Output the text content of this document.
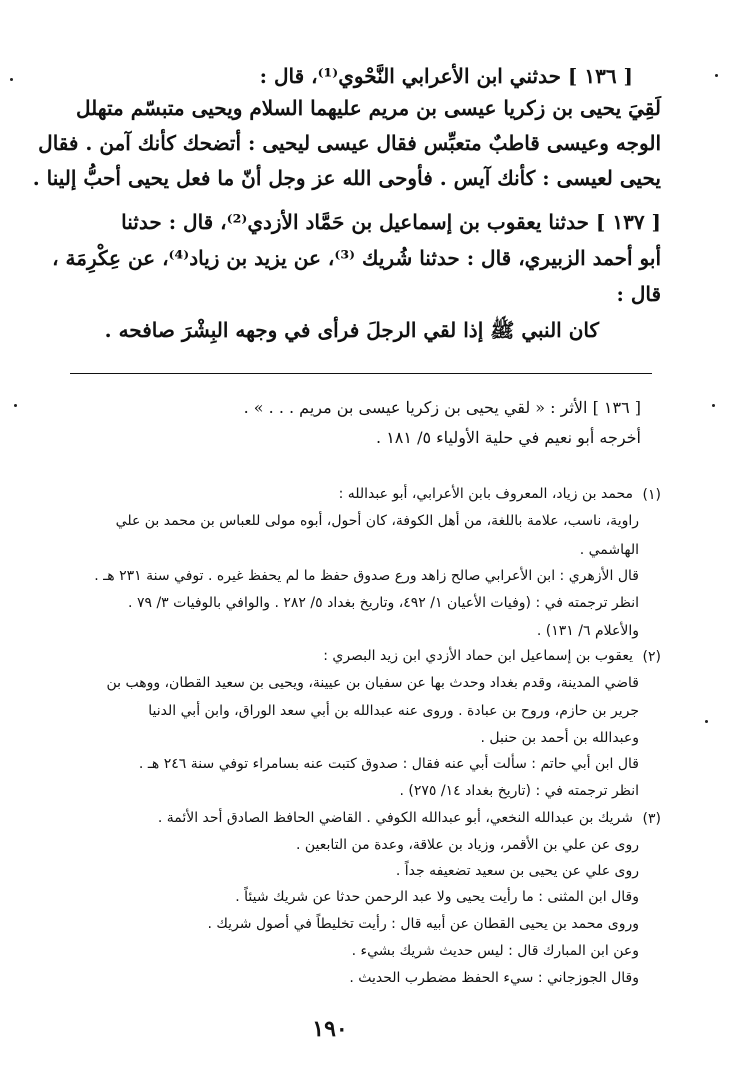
[ ١٣٦ ] حدثني ابن الأعرابي النَّحْوي⁽¹⁾، قال :
لَقِيَ يحيى بن زكريا عيسى بن مريم عليهما السلام ويحيى متبسّم متهلل
الوجه وعيسى قاطبٌ متعبِّس فقال عيسى ليحيى : أتضحك كأنك آمن . فقال
يحيى لعيسى : كأنك آيس . فأوحى الله عز وجل أنّ ما فعل يحيى أحبُّ إلينا .
[ ١٣٧ ] حدثنا يعقوب بن إسماعيل بن حَمَّاد الأزدي⁽²⁾، قال : حدثنا
أبو أحمد الزبيري، قال : حدثنا شُريك ⁽³⁾، عن يزيد بن زياد⁽⁴⁾، عن عِكْرِمَة ،
قال :
كان النبي ﷺ إذا لقي الرجلَ فرأى في وجهه البِشْرَ صافحه .
[ ١٣٦ ] الأثر : « لقي يحيى بن زكريا عيسى بن مريم . . . » .
أخرجه أبو نعيم في حلية الأولياء ٥/ ١٨١ .
(١)
محمد بن زياد، المعروف بابن الأعرابي، أبو عبدالله :
راوية، ناسب، علامة باللغة، من أهل الكوفة، كان أحول، أبوه مولى للعباس بن محمد بن علي
الهاشمي .
قال الأزهري : ابن الأعرابي صالح زاهد ورع صدوق حفظ ما لم يحفظ غيره . توفي سنة ٢٣١ هـ .
انظر ترجمته في : (وفيات الأعيان ١/ ٤٩٢، وتاريخ بغداد ٥/ ٢٨٢ . والوافي بالوفيات ٣/ ٧٩ .
والأعلام ٦/ ١٣١) .
(٢)
يعقوب بن إسماعيل ابن حماد الأزدي ابن زيد البصري :
قاضي المدينة، وقدم بغداد وحدث بها عن سفيان بن عيينة، ويحيى بن سعيد القطان، ووهب بن
جرير بن حازم، وروح بن عبادة . وروى عنه عبدالله بن أبي سعد الوراق، وابن أبي الدنيا
وعبدالله بن أحمد بن حنبل .
قال ابن أبي حاتم : سألت أبي عنه فقال : صدوق كتبت عنه بسامراء توفي سنة ٢٤٦ هـ .
انظر ترجمته في : (تاريخ بغداد ١٤/ ٢٧٥) .
(٣)
شريك بن عبدالله النخعي، أبو عبدالله الكوفي . القاضي الحافظ الصادق أحد الأئمة .
روى عن علي بن الأقمر، وزياد بن علاقة، وعدة من التابعين .
روى علي عن يحيى بن سعيد تضعيفه جداً .
وقال ابن المثنى : ما رأيت يحيى ولا عبد الرحمن حدثا عن شريك شيئاً .
وروى محمد بن يحيى القطان عن أبيه قال : رأيت تخليطاً في أصول شريك .
وعن ابن المبارك قال : ليس حديث شريك بشيء .
وقال الجوزجاني : سيء الحفظ مضطرب الحديث .
١٩٠
